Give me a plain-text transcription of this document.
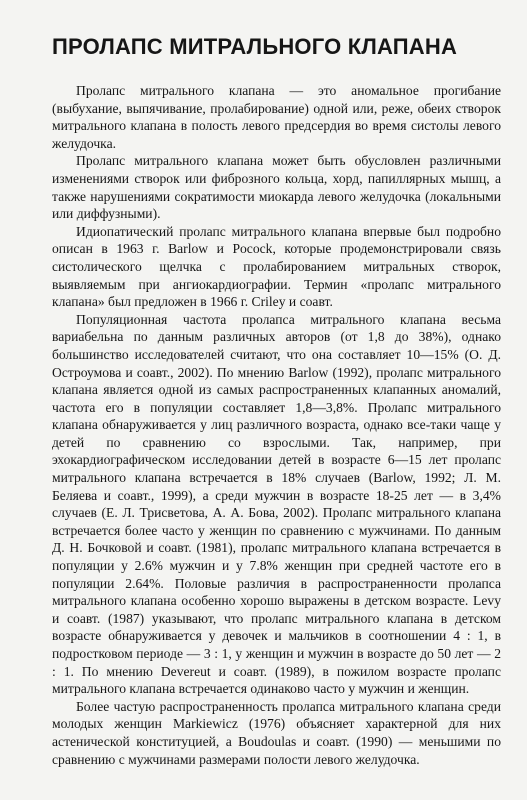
ПРОЛАПС МИТРАЛЬНОГО КЛАПАНА

Пролапс митрального клапана — это аномальное прогибание (выбухание, выпячивание, пролабирование) одной или, реже, обеих створок митрального клапана в полость левого предсердия во время систолы левого желудочка.

Пролапс митрального клапана может быть обусловлен различными изменениями створок или фиброзного кольца, хорд, папиллярных мышц, а также нарушениями сократимости миокарда левого желудочка (локальными или диффузными).

Идиопатический пролапс митрального клапана впервые был подробно описан в 1963 г. Barlow и Pocock, которые продемонстрировали связь систолического щелчка с пролабированием митральных створок, выявляемым при ангиокардиографии. Термин «пролапс митрального клапана» был предложен в 1966 г. Criley и соавт.

Популяционная частота пролапса митрального клапана весьма вариабельна по данным различных авторов (от 1,8 до 38%), однако большинство исследователей считают, что она составляет 10—15% (О. Д. Остроумова и соавт., 2002). По мнению Barlow (1992), пролапс митрального клапана является одной из самых распространенных клапанных аномалий, частота его в популяции составляет 1,8—3,8%. Пролапс митрального клапана обнаруживается у лиц различного возраста, однако все-таки чаще у детей по сравнению со взрослыми. Так, например, при эхокардиографическом исследовании детей в возрасте 6—15 лет пролапс митрального клапана встречается в 18% случаев (Barlow, 1992; Л. М. Беляева и соавт., 1999), а среди мужчин в возрасте 18-25 лет — в 3,4% случаев (Е. Л. Трисветова, А. А. Бова, 2002). Пролапс митрального клапана встречается более часто у женщин по сравнению с мужчинами. По данным Д. Н. Бочковой и соавт. (1981), пролапс митрального клапана встречается в популяции у 2.6% мужчин и у 7.8% женщин при средней частоте его в популяции 2.64%. Половые различия в распространенности пролапса митрального клапана особенно хорошо выражены в детском возрасте. Levy и соавт. (1987) указывают, что пролапс митрального клапана в детском возрасте обнаруживается у девочек и мальчиков в соотношении 4 : 1, в подростковом периоде — 3 : 1, у женщин и мужчин в возрасте до 50 лет — 2 : 1. По мнению Devereut и соавт. (1989), в пожилом возрасте пролапс митрального клапана встречается одинаково часто у мужчин и женщин.

Более частую распространенность пролапса митрального клапана среди молодых женщин Markiewicz (1976) объясняет характерной для них астенической конституцией, а Boudoulas и соавт. (1990) — меньшими по сравнению с мужчинами размерами полости левого желудочка.
